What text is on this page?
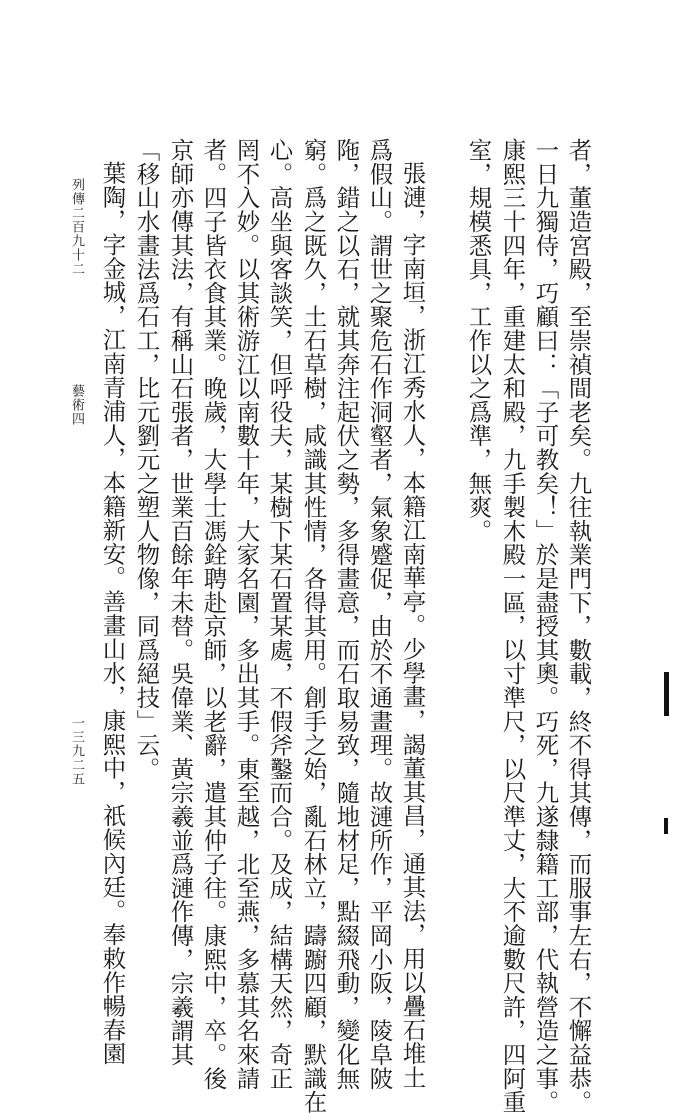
者，董造宮殿，至崇禎間老矣。九往執業門下，數載，終不得其傳，而服事左右，不懈益恭。
一日九獨侍，巧顧曰：「子可教矣！」於是盡授其奧。巧死，九遂隸籍工部，代執營造之事。
康熙三十四年，重建太和殿，九手製木殿一區，以寸準尺，以尺準丈，大不逾數尺許，四阿重
室，規模悉具，工作以之爲準，無爽。
張漣，字南垣，浙江秀水人，本籍江南華亭。少學畫，謁董其昌，通其法，用以疊石堆土
爲假山。謂世之聚危石作洞壑者，氣象蹙促，由於不通畫理。故漣所作，平岡小阪，陵阜陂
陁，錯之以石，就其奔注起伏之勢，多得畫意，而石取易致，隨地材足，點綴飛動，變化無
窮。爲之既久，土石草樹，咸識其性情，各得其用。創手之始，亂石林立，躊躕四顧，默識在
心。高坐與客談笑，但呼役夫，某樹下某石置某處，不假斧鑿而合。及成，結構天然，奇正
罔不入妙。以其術游江以南數十年，大家名園，多出其手。東至越，北至燕，多慕其名來請
者。四子皆衣食其業。晚歲，大學士馮銓聘赴京師，以老辭，遣其仲子往。康熙中，卒。後
京師亦傳其法，有稱山石張者，世業百餘年未替。吳偉業、黃宗羲並爲漣作傳，宗羲謂其
「移山水畫法爲石工，比元劉元之塑人物像，同爲絕技」云。
葉陶，字金城，江南青浦人，本籍新安。善畫山水，康熙中，祇候內廷。奉敕作暢春園
列傳二百九十二
藝術四
一三九二五
